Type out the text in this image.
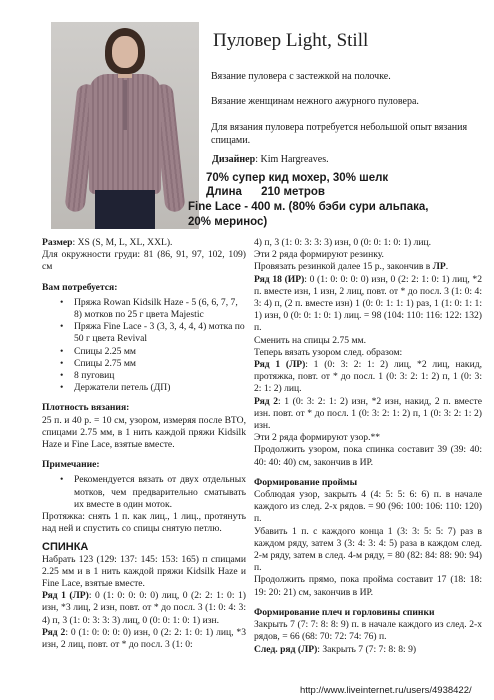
Пуловер Light, Still

Вязание пуловера с застежкой на полочке.

Вязание женщинам нежного ажурного пуловера.

Для вязания пуловера потребуется небольшой опыт вязания спицами.

Дизайнер: Kim Hargreaves.
70% супер кид мохер, 30% шелк
Длина      210 метров
Fine Lace - 400 м. (80% бэби сури альпака,
20% меринос)

Размер: XS (S, M, L, XL, XXL).

Для окружности груди: 81 (86, 91, 97, 102, 109) см

Вам потребуется:

• Пряжа Rowan Kidsilk Haze - 5 (6, 6, 7, 7, 8) мотков по 25 г цвета Majestic
• Пряжа Fine Lace - 3 (3, 3, 4, 4, 4) мотка по 50 г цвета Revival
• Спицы 2.25 мм
• Спицы 2.75 мм
• 8 пуговиц
• Держатели петель (ДП)

Плотность вязания:

25 п. и 40 р. = 10 см, узором, измеряя после ВТО, спицами 2.75 мм, в 1 нить каждой пряжи Kidsilk Haze и Fine Lace, взятые вместе.

Примечание:

• Рекомендуется вязать от двух отдельных мотков, чем предварительно сматывать их вместе в один моток.

Протяжка: снять 1 п. как лиц., 1 лиц., протянуть над ней и спустить со спицы снятую петлю.

СПИНКА

Набрать 123 (129: 137: 145: 153: 165) п спицами 2.25 мм и в 1 нить каждой пряжи Kidsilk Haze и Fine Lace, взятые вместе.

Ряд 1 (ЛР): 0 (1: 0: 0: 0: 0) лиц, 0 (2: 2: 1: 0: 1) изн, *3 лиц, 2 изн, повт. от * до посл. 3 (1: 0: 4: 3: 4) п, 3 (1: 0: 3: 3: 3) лиц, 0 (0: 0: 1: 0: 1) изн.

Ряд 2: 0 (1: 0: 0: 0: 0) изн, 0 (2: 2: 1: 0: 1) лиц, *3 изн, 2 лиц, повт. от * до посл. 3 (1: 0:

4) п, 3 (1: 0: 3: 3: 3) изн, 0 (0: 0: 1: 0: 1) лиц.

Эти 2 ряда формируют резинку.

Провязать резинкой далее 15 р., закончив в ЛР.

Ряд 18 (ИР): 0 (1: 0: 0: 0: 0) изн, 0 (2: 2: 1: 0: 1) лиц, *2 п. вместе изн, 1 изн, 2 лиц, повт. от * до посл. 3 (1: 0: 4: 3: 4) п, (2 п. вместе изн) 1 (0: 0: 1: 1: 1) раз, 1 (1: 0: 1: 1: 1) изн, 0 (0: 0: 1: 0: 1) лиц. = 98 (104: 110: 116: 122: 132) п.

Сменить на спицы 2.75 мм.

Теперь вязать узором след. образом:

Ряд 1 (ЛР): 1 (0: 3: 2: 1: 2) лиц, *2 лиц, накид, протяжка, повт. от * до посл. 1 (0: 3: 2: 1: 2) п, 1 (0: 3: 2: 1: 2) лиц.

Ряд 2: 1 (0: 3: 2: 1: 2) изн, *2 изн, накид, 2 п. вместе изн. повт. от * до посл. 1 (0: 3: 2: 1: 2) п, 1 (0: 3: 2: 1: 2) изн.

Эти 2 ряда формируют узор.**

Продолжить узором, пока спинка составит 39 (39: 40: 40: 40: 40) см, закончив в ИР.

Формирование проймы

Соблюдая узор, закрыть 4 (4: 5: 5: 6: 6) п. в начале каждого из след. 2-х рядов. = 90 (96: 100: 106: 110: 120) п.

Убавить 1 п. с каждого конца 1 (3: 3: 5: 5: 7) раз в каждом ряду, затем 3 (3: 4: 3: 4: 5) раза в каждом след. 2-м ряду, затем в след. 4-м ряду, = 80 (82: 84: 88: 90: 94) п.

Продолжить прямо, пока пройма составит 17 (18: 18: 19: 20: 21) см, закончив в ИР.

Формирование плеч и горловины спинки

Закрыть 7 (7: 7: 8: 8: 9) п. в начале каждого из след. 2-х рядов, = 66 (68: 70: 72: 74: 76) п.

След. ряд (ЛР): Закрыть 7 (7: 7: 8: 8: 9)

http://www.liveinternet.ru/users/4938422/
